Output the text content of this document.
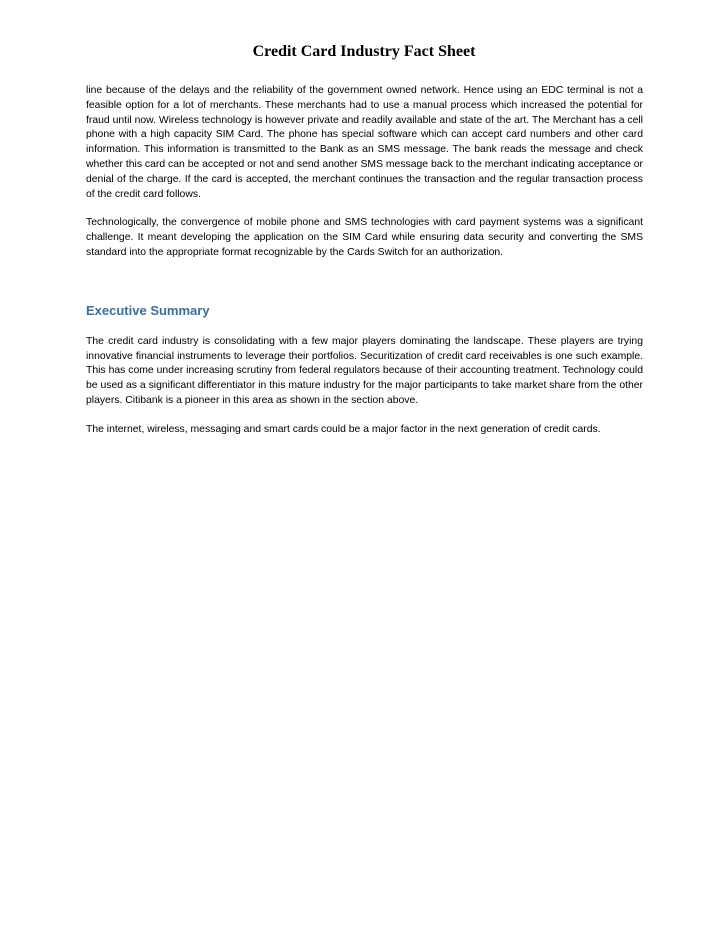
Credit Card Industry Fact Sheet

line because of the delays and the reliability of the government owned network. Hence using an EDC terminal is not a feasible option for a lot of merchants. These merchants had to use a manual process which increased the potential for fraud until now. Wireless technology is however private and readily available and state of the art. The Merchant has a cell phone with a high capacity SIM Card. The phone has special software which can accept card numbers and other card information. This information is transmitted to the Bank as an SMS message. The bank reads the message and check whether this card can be accepted or not and send another SMS message back to the merchant indicating acceptance or denial of the charge. If the card is accepted, the merchant continues the transaction and the regular transaction process of the credit card follows.

Technologically, the convergence of mobile phone and SMS technologies with card payment systems was a significant challenge. It meant developing the application on the SIM Card while ensuring data security and converting the SMS standard into the appropriate format recognizable by the Cards Switch for an authorization.

Executive Summary

The credit card industry is consolidating with a few major players dominating the landscape. These players are trying innovative financial instruments to leverage their portfolios. Securitization of credit card receivables is one such example. This has come under increasing scrutiny from federal regulators because of their accounting treatment. Technology could be used as a significant differentiator in this mature industry for the major participants to take market share from the other players. Citibank is a pioneer in this area as shown in the section above.

The internet, wireless, messaging and smart cards could be a major factor in the next generation of credit cards.
